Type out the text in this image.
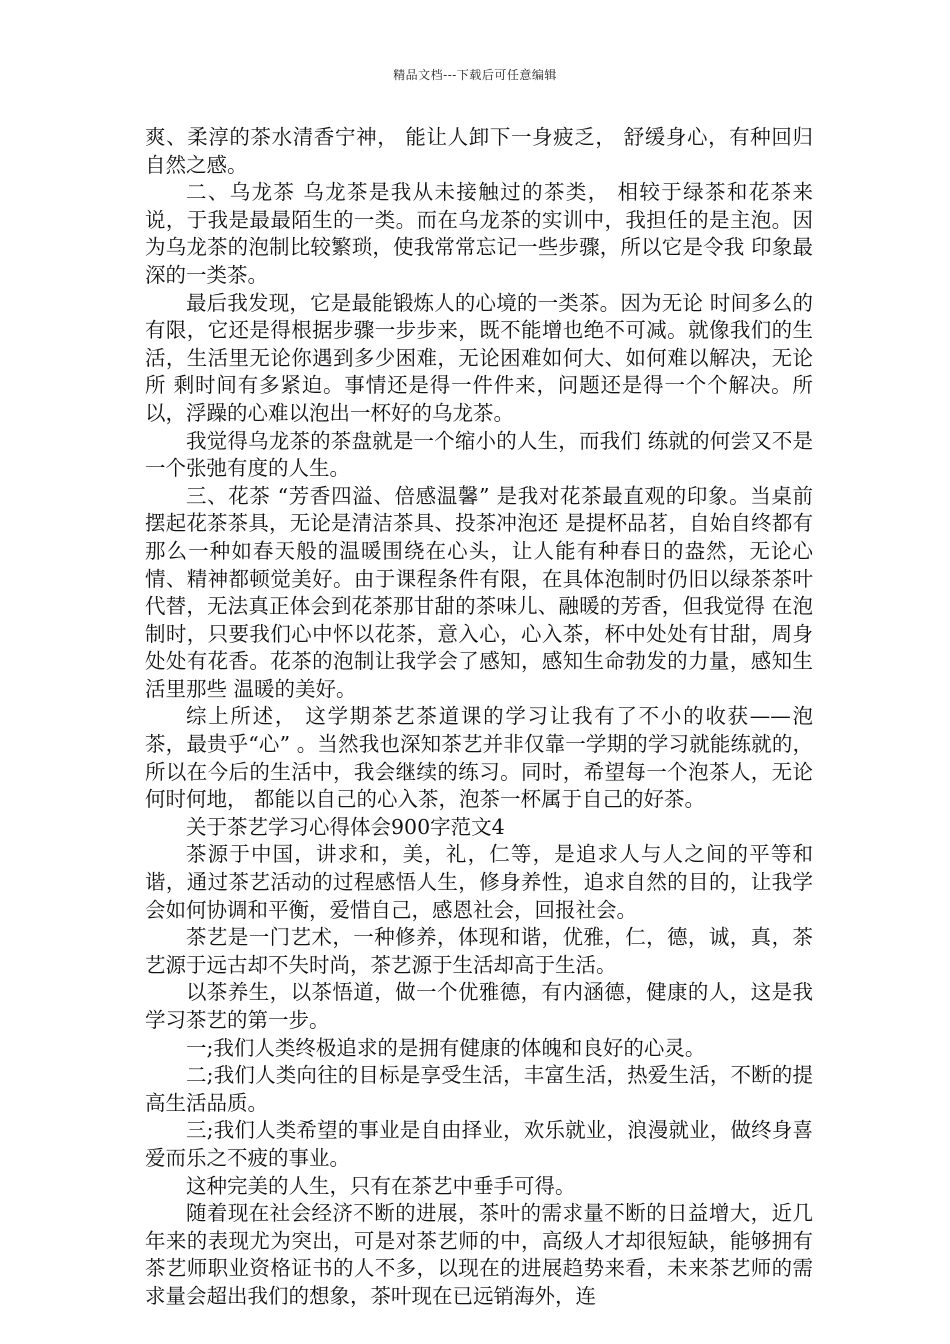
精品文档---下载后可任意编辑

爽、柔淳的茶水清香宁神， 能让人卸下一身疲乏， 舒缓身心，有种回归自然之感。

二、乌龙茶 乌龙茶是我从未接触过的茶类， 相较于绿茶和花茶来说，于我是最最陌生的一类。而在乌龙茶的实训中，我担任的是主泡。因为乌龙茶的泡制比较繁琐，使我常常忘记一些步骤，所以它是令我 印象最深的一类茶。

最后我发现，它是最能锻炼人的心境的一类茶。因为无论 时间多么的有限，它还是得根据步骤一步步来，既不能增也绝不可减。就像我们的生活，生活里无论你遇到多少困难，无论困难如何大、如何难以解决，无论所 剩时间有多紧迫。事情还是得一件件来，问题还是得一个个解决。所以，浮躁的心难以泡出一杯好的乌龙茶。

我觉得乌龙茶的茶盘就是一个缩小的人生，而我们 练就的何尝又不是一个张弛有度的人生。

三、花茶 “芳香四溢、倍感温馨” 是我对花茶最直观的印象。当桌前摆起花茶茶具，无论是清洁茶具、投茶冲泡还 是提杯品茗，自始自终都有那么一种如春天般的温暖围绕在心头，让人能有种春日的盎然，无论心情、精神都顿觉美好。由于课程条件有限，在具体泡制时仍旧以绿茶茶叶代替，无法真正体会到花茶那甘甜的茶味儿、融暖的芳香，但我觉得 在泡制时，只要我们心中怀以花茶，意入心，心入茶，杯中处处有甘甜，周身处处有花香。花茶的泡制让我学会了感知，感知生命勃发的力量，感知生活里那些 温暖的美好。

综上所述， 这学期茶艺茶道课的学习让我有了不小的收获——泡 茶，最贵乎“心” 。当然我也深知茶艺并非仅靠一学期的学习就能练就的，所以在今后的生活中，我会继续的练习。同时，希望每一个泡茶人，无论何时何地， 都能以自己的心入茶，泡茶一杯属于自己的好茶。

关于茶艺学习心得体会900字范文4

茶源于中国，讲求和，美，礼，仁等，是追求人与人之间的平等和谐，通过茶艺活动的过程感悟人生，修身养性，追求自然的目的，让我学会如何协调和平衡，爱惜自己，感恩社会，回报社会。

茶艺是一门艺术，一种修养，体现和谐，优雅，仁，德，诚，真，茶艺源于远古却不失时尚，茶艺源于生活却高于生活。

以茶养生，以茶悟道，做一个优雅德，有内涵德，健康的人，这是我学习茶艺的第一步。

一;我们人类终极追求的是拥有健康的体魄和良好的心灵。

二;我们人类向往的目标是享受生活，丰富生活，热爱生活，不断的提高生活品质。

三;我们人类希望的事业是自由择业，欢乐就业，浪漫就业，做终身喜爱而乐之不疲的事业。

这种完美的人生，只有在茶艺中垂手可得。

随着现在社会经济不断的进展，茶叶的需求量不断的日益增大，近几年来的表现尤为突出，可是对茶艺师的中，高级人才却很短缺，能够拥有茶艺师职业资格证书的人不多，以现在的进展趋势来看，未来茶艺师的需求量会超出我们的想象，茶叶现在已远销海外，连
